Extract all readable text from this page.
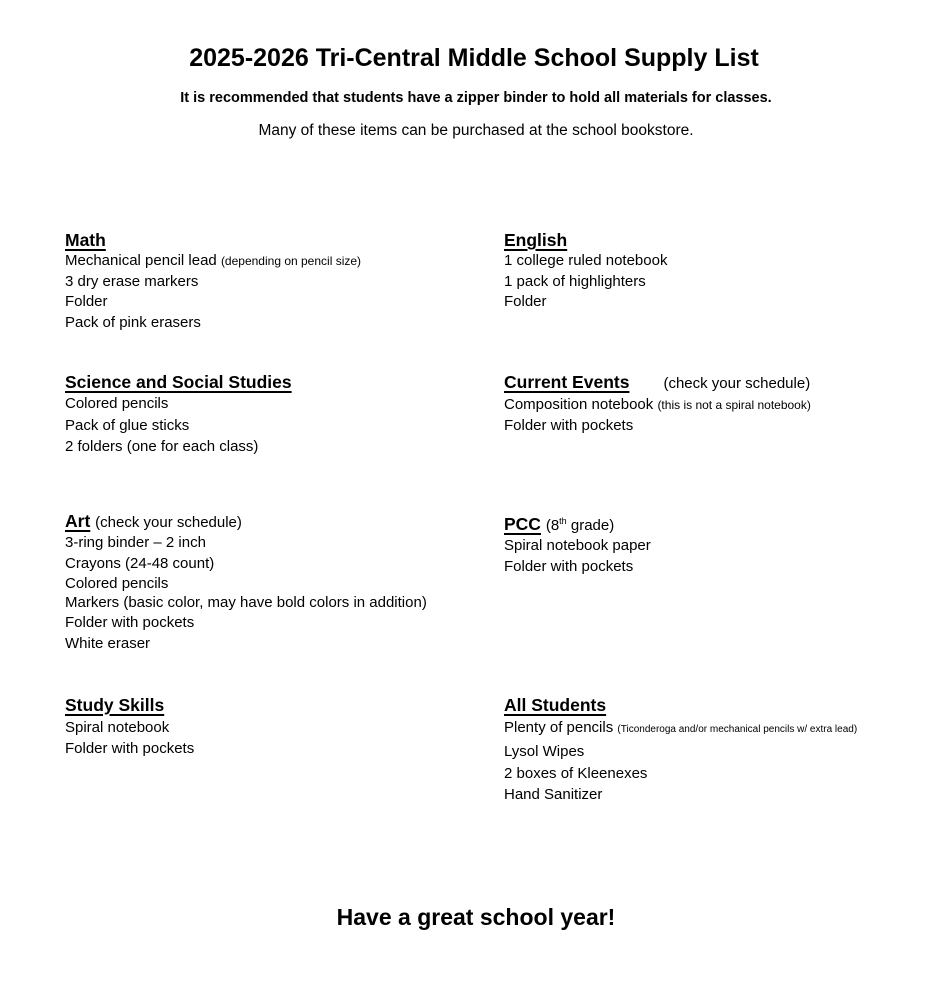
2025-2026 Tri-Central Middle School Supply List
It is recommended that students have a zipper binder to hold all materials for classes.
Many of these items can be purchased at the school bookstore.
Math
Mechanical pencil lead (depending on pencil size)
3 dry erase markers
Folder
Pack of pink erasers
English
1 college ruled notebook
1 pack of highlighters
Folder
Science and Social Studies
Colored pencils
Pack of glue sticks
2 folders (one for each class)
Current Events (check your schedule)
Composition notebook (this is not a spiral notebook)
Folder with pockets
Art (check your schedule)
3-ring binder – 2 inch
Crayons (24-48 count)
Colored pencils
Markers (basic color, may have bold colors in addition)
Folder with pockets
White eraser
PCC (8th grade)
Spiral notebook paper
Folder with pockets
Study Skills
Spiral notebook
Folder with pockets
All Students
Plenty of pencils (Ticonderoga and/or mechanical pencils w/ extra lead)
Lysol Wipes
2 boxes of Kleenexes
Hand Sanitizer
Have a great school year!
